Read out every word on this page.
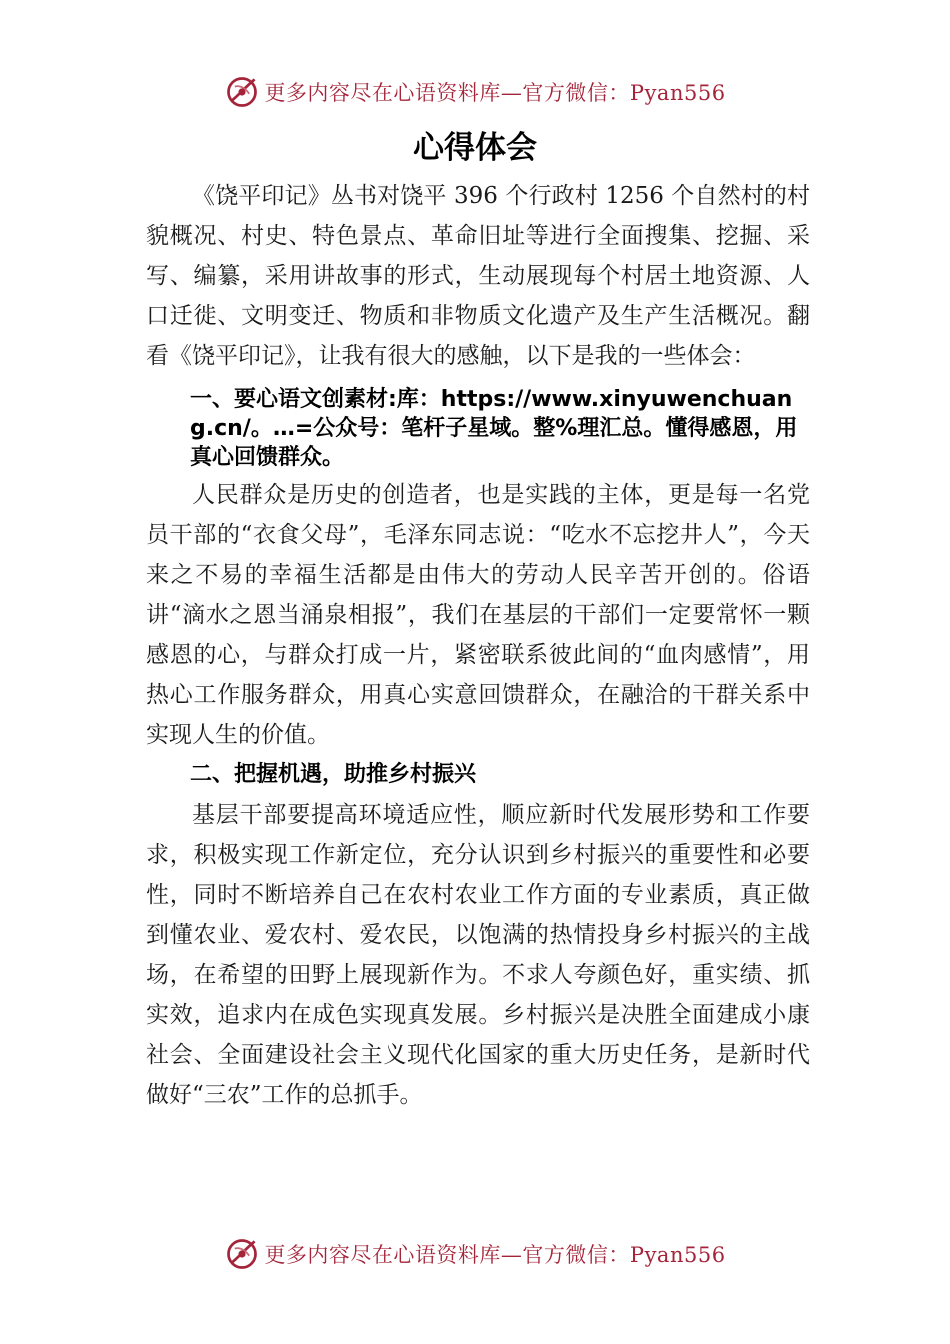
更多内容尽在心语资料库—官方微信：Pyan556
心得体会

《饶平印记》丛书对饶平 396 个行政村 1256 个自然村的村貌概况、村史、特色景点、革命旧址等进行全面搜集、挖掘、采写、编纂，采用讲故事的形式，生动展现每个村居土地资源、人口迁徙、文明变迁、物质和非物质文化遗产及生产生活概况。翻看《饶平印记》，让我有很大的感触，以下是我的一些体会：

一、要心语文创素材:库：https://www.xinyuwenchuang.cn/。…=公众号：笔杆子星域。整%理汇总。懂得感恩，用真心回馈群众。

人民群众是历史的创造者，也是实践的主体，更是每一名党员干部的“衣食父母”，毛泽东同志说：“吃水不忘挖井人”，今天来之不易的幸福生活都是由伟大的劳动人民辛苦开创的。俗语讲“滴水之恩当涌泉相报”，我们在基层的干部们一定要常怀一颗感恩的心，与群众打成一片，紧密联系彼此间的“血肉感情”，用热心工作服务群众，用真心实意回馈群众，在融洽的干群关系中实现人生的价值。

二、把握机遇，助推乡村振兴

基层干部要提高环境适应性，顺应新时代发展形势和工作要求，积极实现工作新定位，充分认识到乡村振兴的重要性和必要性，同时不断培养自己在农村农业工作方面的专业素质，真正做到懂农业、爱农村、爱农民，以饱满的热情投身乡村振兴的主战场，在希望的田野上展现新作为。不求人夸颜色好，重实绩、抓实效，追求内在成色实现真发展。乡村振兴是决胜全面建成小康社会、全面建设社会主义现代化国家的重大历史任务，是新时代做好“三农”工作的总抓手。

更多内容尽在心语资料库—官方微信：Pyan556
